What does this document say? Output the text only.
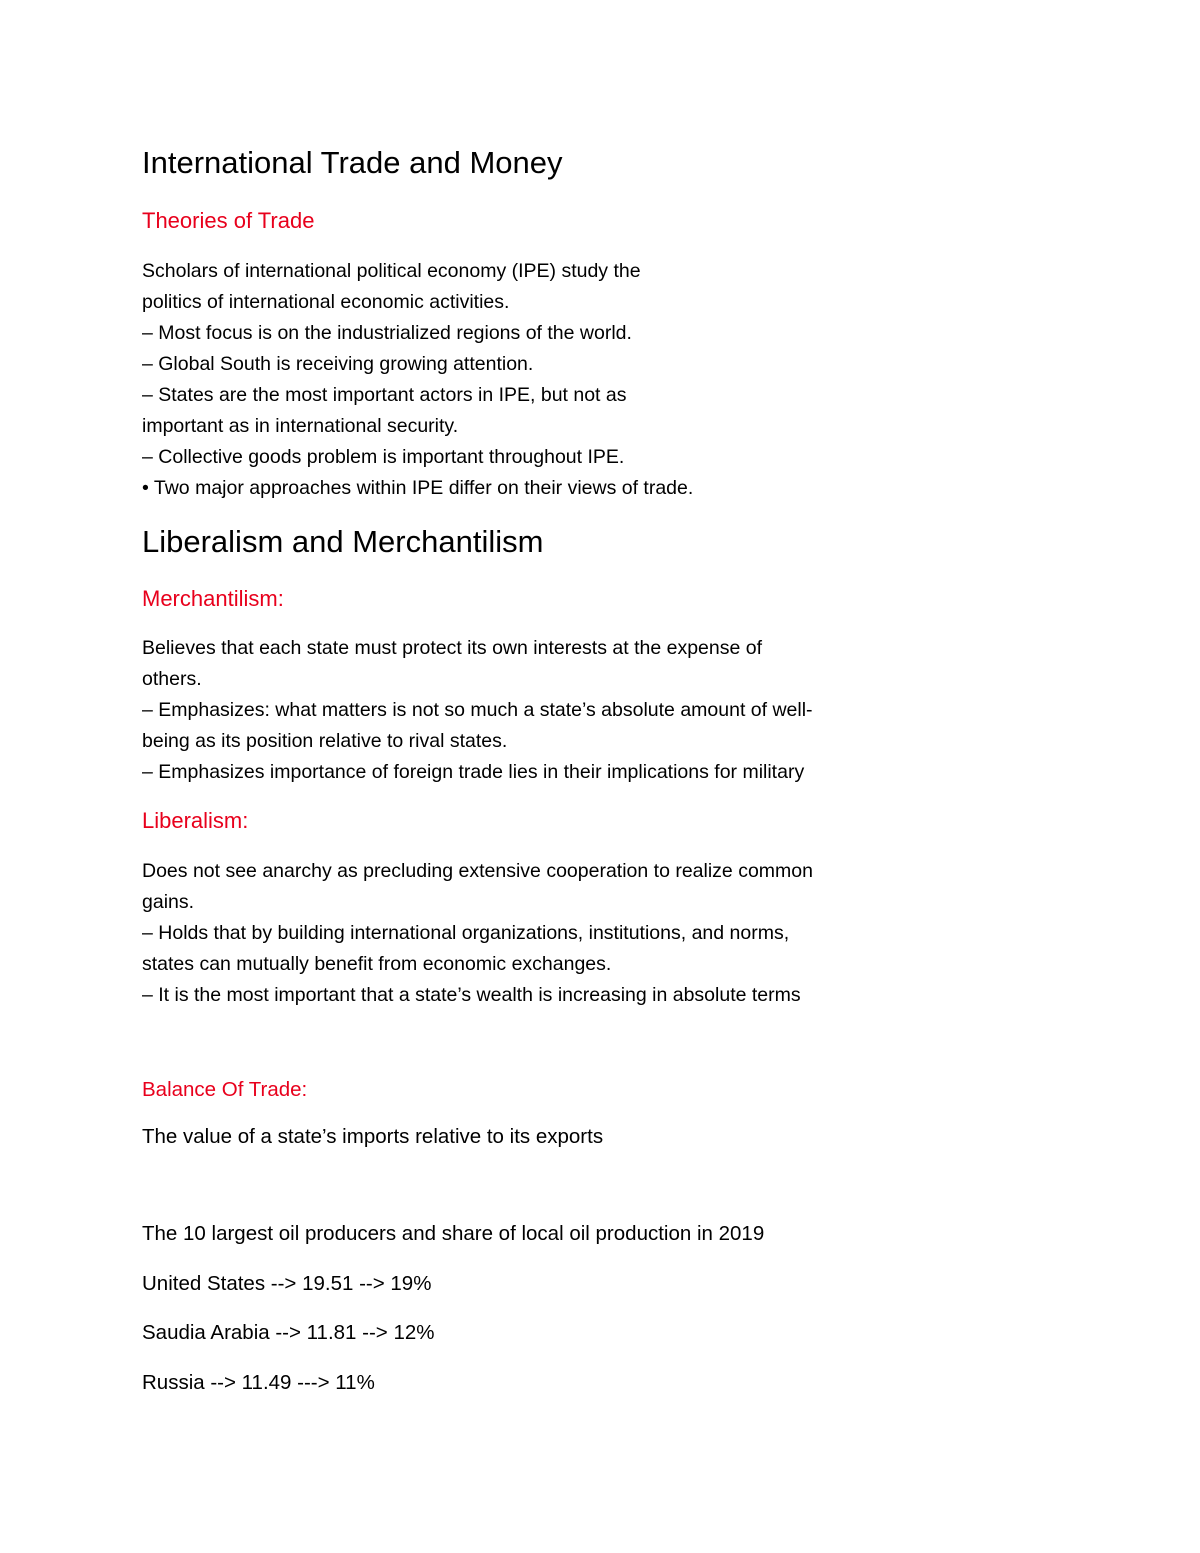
International Trade and Money
Theories of Trade
Scholars of international political economy (IPE) study the
politics of international economic activities.
– Most focus is on the industrialized regions of the world.
– Global South is receiving growing attention.
– States are the most important actors in IPE, but not as
important as in international security.
– Collective goods problem is important throughout IPE.
• Two major approaches within IPE differ on their views of trade.
Liberalism and Merchantilism
Merchantilism:
Believes that each state must protect its own interests at the expense of
others.
– Emphasizes: what matters is not so much a state’s absolute amount of well-
being as its position relative to rival states.
– Emphasizes importance of foreign trade lies in their implications for military
Liberalism:
Does not see anarchy as precluding extensive cooperation to realize common
gains.
– Holds that by building international organizations, institutions, and norms,
states can mutually benefit from economic exchanges.
– It is the most important that a state’s wealth is increasing in absolute terms
Balance Of Trade:
The value of a state’s imports relative to its exports
The 10 largest oil producers and share of local oil production in 2019
United States --> 19.51 --> 19%
Saudia Arabia --> 11.81 --> 12%
Russia --> 11.49 ---> 11%
